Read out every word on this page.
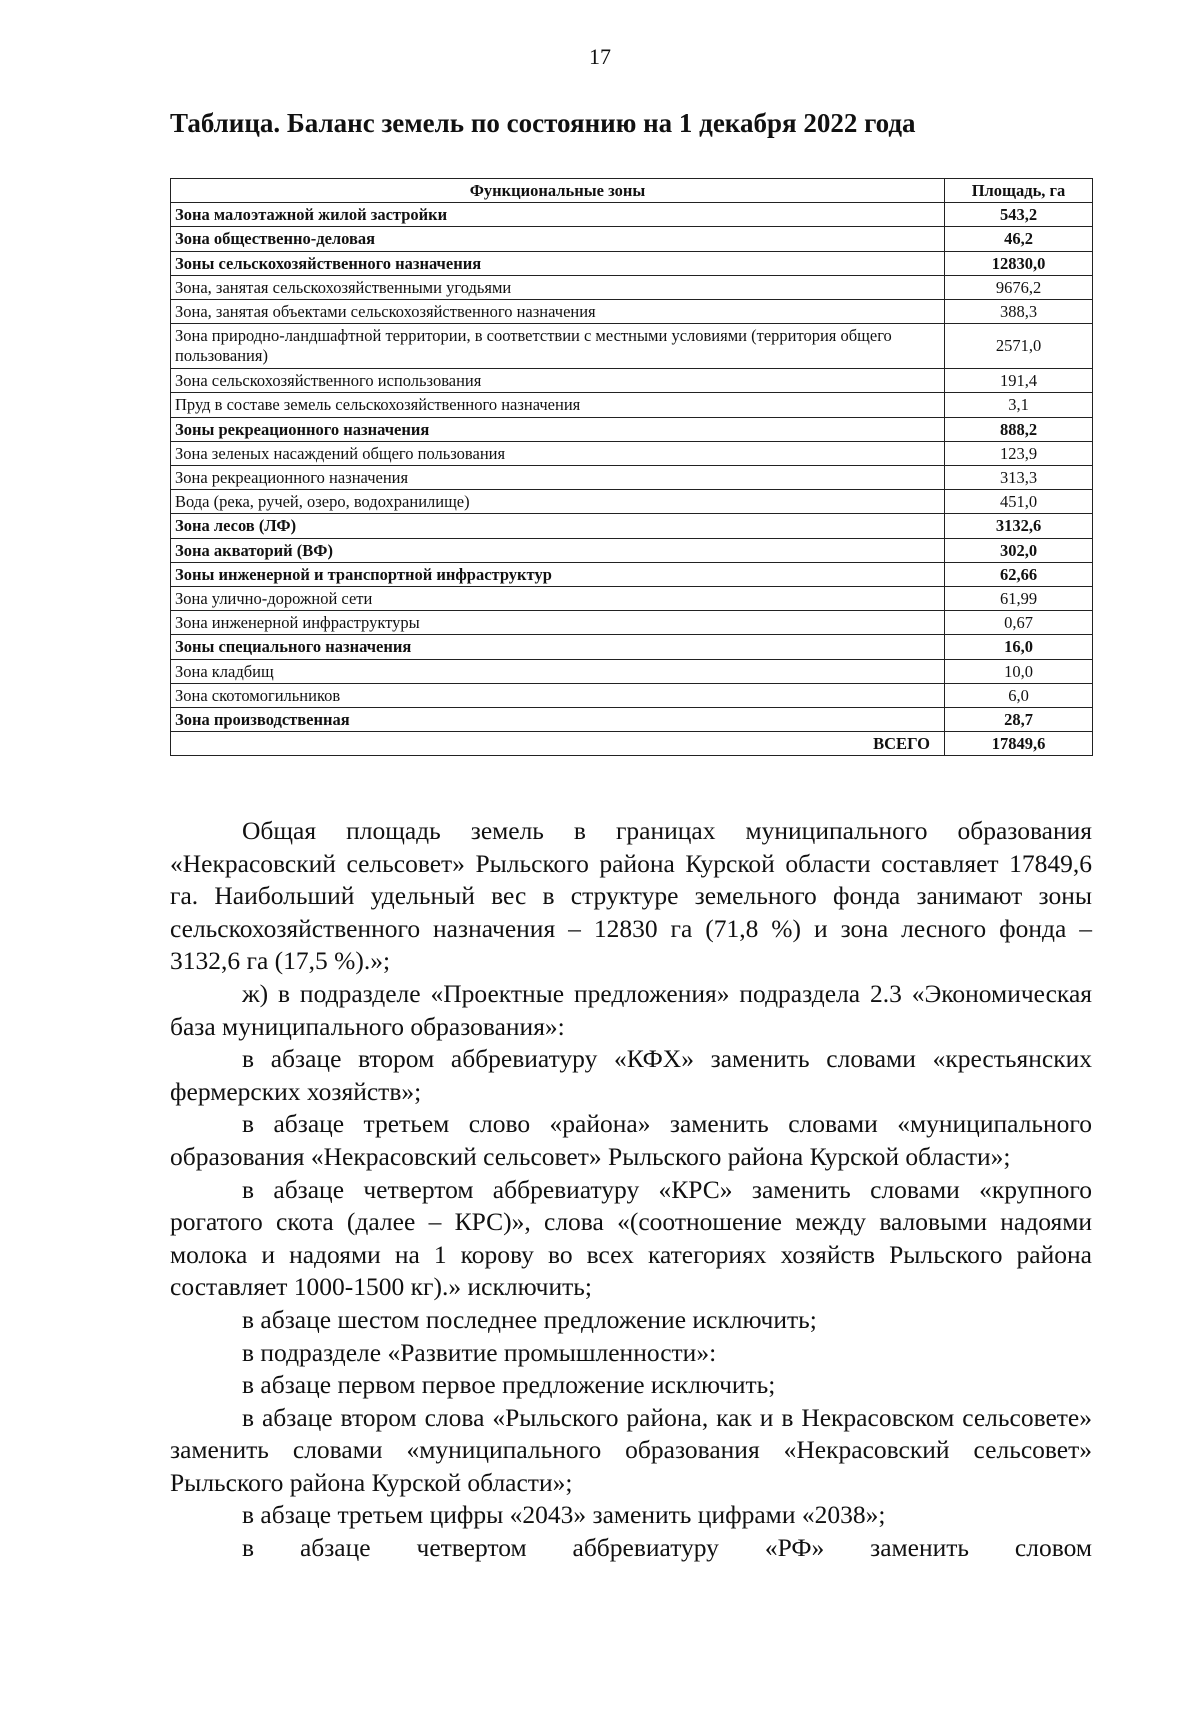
17
Таблица. Баланс земель по состоянию на 1 декабря 2022 года
Функциональные зоны	Площадь, га
Зона малоэтажной жилой застройки	543,2
Зона общественно-деловая	46,2
Зоны сельскохозяйственного назначения	12830,0
Зона, занятая сельскохозяйственными угодьями	9676,2
Зона, занятая объектами сельскохозяйственного назначения	388,3
Зона природно-ландшафтной территории, в соответствии с местными условиями (территория общего пользования)	2571,0
Зона сельскохозяйственного использования	191,4
Пруд в составе земель сельскохозяйственного назначения	3,1
Зоны рекреационного назначения	888,2
Зона зеленых насаждений общего пользования	123,9
Зона рекреационного назначения	313,3
Вода (река, ручей, озеро, водохранилище)	451,0
Зона лесов (ЛФ)	3132,6
Зона акваторий (ВФ)	302,0
Зоны инженерной и транспортной инфраструктур	62,66
Зона улично-дорожной сети	61,99
Зона инженерной инфраструктуры	0,67
Зоны специального назначения	16,0
Зона кладбищ	10,0
Зона скотомогильников	6,0
Зона производственная	28,7
ВСЕГО	17849,6

Общая площадь земель в границах муниципального образования «Некрасовский сельсовет» Рыльского района Курской области составляет 17849,6 га. Наибольший удельный вес в структуре земельного фонда занимают зоны сельскохозяйственного назначения – 12830 га (71,8 %) и зона лесного фонда – 3132,6 га (17,5 %).»;

ж) в подразделе «Проектные предложения» подраздела 2.3 «Экономическая база муниципального образования»:

в абзаце втором аббревиатуру «КФХ» заменить словами «крестьянских фермерских хозяйств»;

в абзаце третьем слово «района» заменить словами «муниципального образования «Некрасовский сельсовет» Рыльского района Курской области»;

в абзаце четвертом аббревиатуру «КРС» заменить словами «крупного рогатого скота (далее – КРС)», слова «(соотношение между валовыми надоями молока и надоями на 1 корову во всех категориях хозяйств Рыльского района составляет 1000-1500 кг).» исключить;

в абзаце шестом последнее предложение исключить;

в подразделе «Развитие промышленности»:

в абзаце первом первое предложение исключить;

в абзаце втором слова «Рыльского района, как и в Некрасовском сельсовете» заменить словами «муниципального образования «Некрасовский сельсовет» Рыльского района Курской области»;

в абзаце третьем цифры «2043» заменить цифрами «2038»;

в абзаце четвертом аббревиатуру «РФ» заменить словом
